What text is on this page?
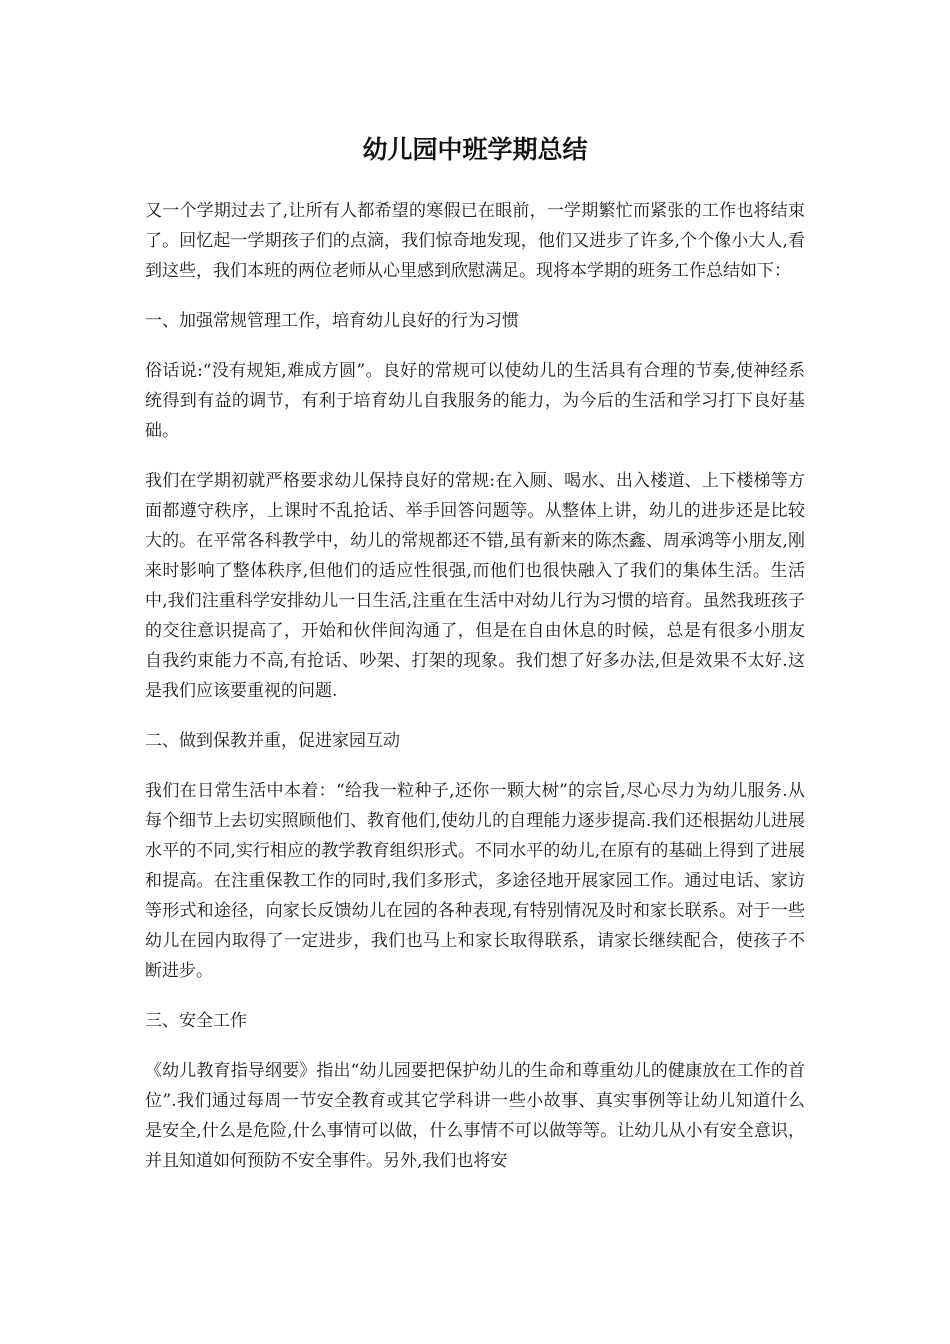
幼儿园中班学期总结

又一个学期过去了,让所有人都希望的寒假已在眼前，一学期繁忙而紧张的工作也将结束了。回忆起一学期孩子们的点滴，我们惊奇地发现，他们又进步了许多,个个像小大人,看到这些，我们本班的两位老师从心里感到欣慰满足。现将本学期的班务工作总结如下：

一、加强常规管理工作，培育幼儿良好的行为习惯

俗话说:“没有规矩,难成方圆”。良好的常规可以使幼儿的生活具有合理的节奏,使神经系统得到有益的调节，有利于培育幼儿自我服务的能力，为今后的生活和学习打下良好基础。

我们在学期初就严格要求幼儿保持良好的常规:在入厕、喝水、出入楼道、上下楼梯等方面都遵守秩序，上课时不乱抢话、举手回答问题等。从整体上讲，幼儿的进步还是比较大的。在平常各科教学中，幼儿的常规都还不错,虽有新来的陈杰鑫、周承鸿等小朋友,刚来时影响了整体秩序,但他们的适应性很强,而他们也很快融入了我们的集体生活。生活中,我们注重科学安排幼儿一日生活,注重在生活中对幼儿行为习惯的培育。虽然我班孩子的交往意识提高了，开始和伙伴间沟通了，但是在自由休息的时候，总是有很多小朋友自我约束能力不高,有抢话、吵架、打架的现象。我们想了好多办法,但是效果不太好.这是我们应该要重视的问题.

二、做到保教并重，促进家园互动

我们在日常生活中本着：“给我一粒种子,还你一颗大树”的宗旨,尽心尽力为幼儿服务.从每个细节上去切实照顾他们、教育他们,使幼儿的自理能力逐步提高.我们还根据幼儿进展水平的不同,实行相应的教学教育组织形式。不同水平的幼儿,在原有的基础上得到了进展和提高。在注重保教工作的同时,我们多形式，多途径地开展家园工作。通过电话、家访等形式和途径，向家长反馈幼儿在园的各种表现,有特别情况及时和家长联系。对于一些幼儿在园内取得了一定进步，我们也马上和家长取得联系，请家长继续配合，使孩子不断进步。

三、安全工作

《幼儿教育指导纲要》指出“幼儿园要把保护幼儿的生命和尊重幼儿的健康放在工作的首位”.我们通过每周一节安全教育或其它学科讲一些小故事、真实事例等让幼儿知道什么是安全,什么是危险,什么事情可以做，什么事情不可以做等等。让幼儿从小有安全意识，并且知道如何预防不安全事件。另外,我们也将安
